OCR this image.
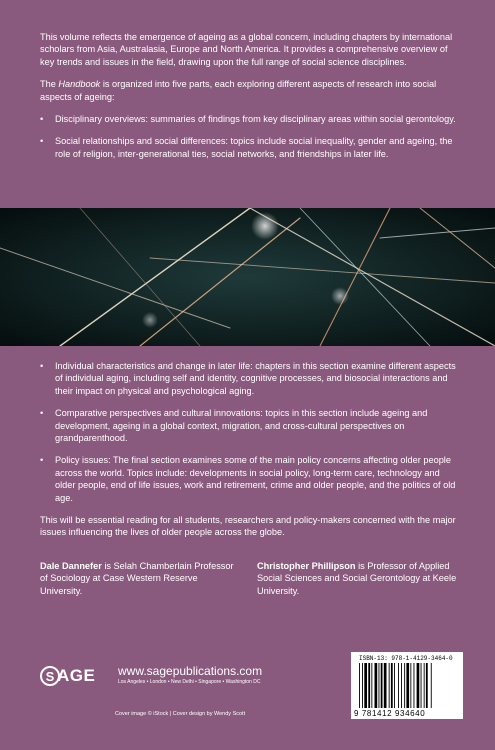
This volume reflects the emergence of ageing as a global concern, including chapters by international scholars from Asia, Australasia, Europe and North America. It provides a comprehensive overview of key trends and issues in the field, drawing upon the full range of social science disciplines.

The Handbook is organized into five parts, each exploring different aspects of research into social aspects of ageing:

• Disciplinary overviews: summaries of findings from key disciplinary areas within social gerontology.
• Social relationships and social differences: topics include social inequality, gender and ageing, the role of religion, inter-generational ties, social networks, and friendships in later life.
• Individual characteristics and change in later life: chapters in this section examine different aspects of individual aging, including self and identity, cognitive processes, and biosocial interactions and their impact on physical and psychological aging.
• Comparative perspectives and cultural innovations: topics in this section include ageing and development, ageing in a global context, migration, and cross-cultural perspectives on grandparenthood.
• Policy issues: The final section examines some of the main policy concerns affecting older people across the world. Topics include: developments in social policy, long-term care, technology and older people, end of life issues, work and retirement, crime and older people, and the politics of old age.

This will be essential reading for all students, researchers and policy-makers concerned with the major issues influencing the lives of older people across the globe.

Dale Dannefer is Selah Chamberlain Professor of Sociology at Case Western Reserve University.
Christopher Phillipson is Professor of Applied Social Sciences and Social Gerontology at Keele University.
S AGE www.sagepublications.com
Los Angeles • London • New Delhi • Singapore • Washington DC
Cover image © iStock | Cover design by Wendy Scott
ISBN-13: 978-1-4129-3464-0
9 781412 934640
